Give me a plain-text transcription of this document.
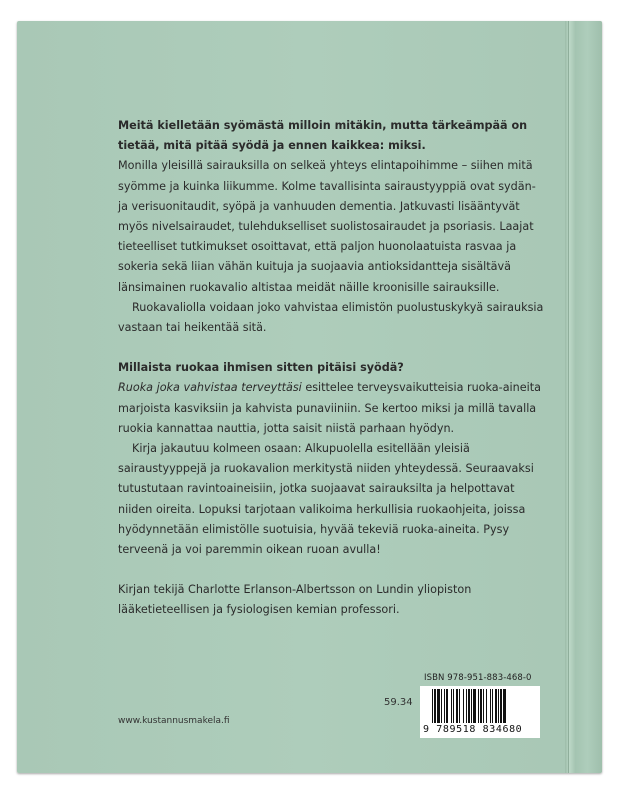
Meitä kielletään syömästä milloin mitäkin, mutta tärkeämpää on tietää, mitä pitää syödä ja ennen kaikkea: miksi.

Monilla yleisillä sairauksilla on selkeä yhteys elintapoihimme – siihen mitä syömme ja kuinka liikumme. Kolme tavallisinta sairaustyyppiä ovat sydän- ja verisuonitaudit, syöpä ja vanhuuden dementia. Jatkuvasti lisääntyvät myös nivelsairaudet, tulehdukselliset suolistosairaudet ja psoriasis. Laajat tieteelliset tutkimukset osoittavat, että paljon huonolaatuista rasvaa ja sokeria sekä liian vähän kuituja ja suojaavia antioksidantteja sisältävä länsimainen ruokavalio altistaa meidät näille kroonisille sairauksille.

Ruokavaliolla voidaan joko vahvistaa elimistön puolustuskykyä sairauksia vastaan tai heikentää sitä.

Millaista ruokaa ihmisen sitten pitäisi syödä?

Ruoka joka vahvistaa terveyttäsi esittelee terveysvaikutteisia ruoka-aineita marjoista kasviksiin ja kahvista punaviiniin. Se kertoo miksi ja millä tavalla ruokia kannattaa nauttia, jotta saisit niistä parhaan hyödyn.

Kirja jakautuu kolmeen osaan: Alkupuolella esitellään yleisiä sairaustyyppejä ja ruokavalion merkitystä niiden yhteydessä. Seuraavaksi tutustutaan ravintoaineisiin, jotka suojaavat sairauksilta ja helpottavat niiden oireita. Lopuksi tarjotaan valikoima herkullisia ruokaohjeita, joissa hyödynnetään elimistölle suotuisia, hyvää tekeviä ruoka-aineita. Pysy terveenä ja voi paremmin oikean ruoan avulla!

Kirjan tekijä Charlotte Erlanson-Albertsson on Lundin yliopiston lääketieteellisen ja fysiologisen kemian professori.

ISBN 978-951-883-468-0
59.34
9 789518 834680
www.kustannusmakela.fi
